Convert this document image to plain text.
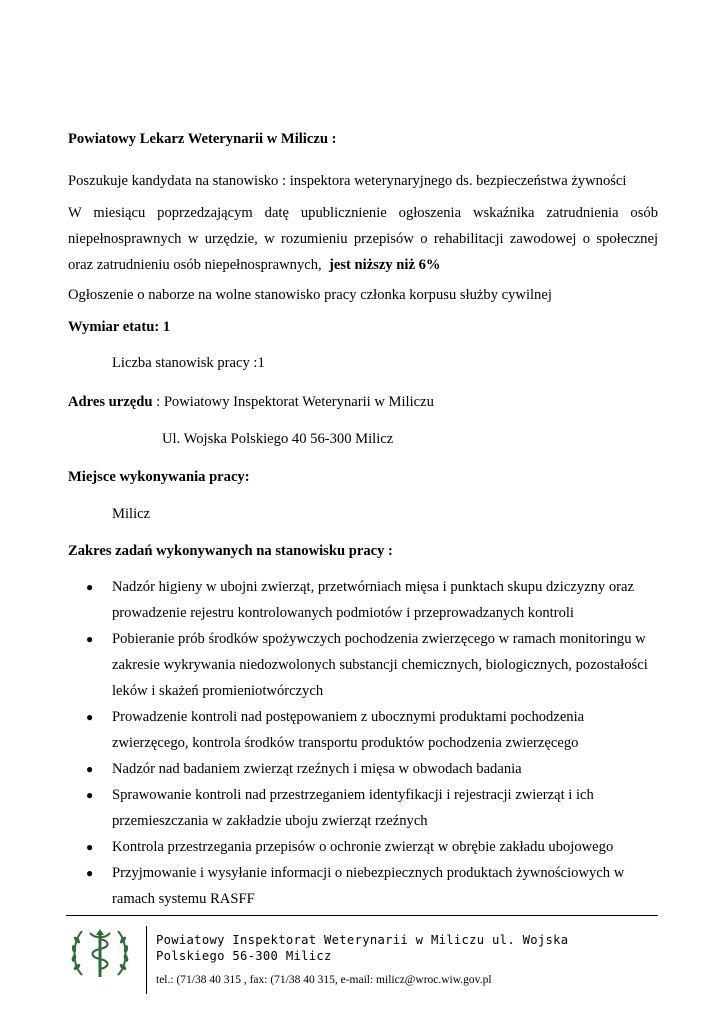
Powiatowy Lekarz Weterynarii w Miliczu :

Poszukuje kandydata na stanowisko : inspektora weterynaryjnego ds. bezpieczeństwa żywności

W miesiącu poprzedzającym datę upublicznienie ogłoszenia wskaźnika zatrudnienia osób
niepełnosprawnych w urzędzie, w rozumieniu przepisów o rehabilitacji zawodowej o społecznej
oraz zatrudnieniu osób niepełnosprawnych, jest niższy niż 6%

Ogłoszenie o naborze na wolne stanowisko pracy członka korpusu służby cywilnej

Wymiar etatu: 1

Liczba stanowisk pracy :1

Adres urzędu : Powiatowy Inspektorat Weterynarii w Miliczu

Ul. Wojska Polskiego 40 56-300 Milicz

Miejsce wykonywania pracy:

Milicz

Zakres zadań wykonywanych na stanowisku pracy :

● Nadzór higieny w ubojni zwierząt, przetwórniach mięsa i punktach skupu dziczyzny oraz
prowadzenie rejestru kontrolowanych podmiotów i przeprowadzanych kontroli
● Pobieranie prób środków spożywczych pochodzenia zwierzęcego w ramach monitoringu w
zakresie wykrywania niedozwolonych substancji chemicznych, biologicznych, pozostałości
leków i skażeń promieniotwórczych
● Prowadzenie kontroli nad postępowaniem z ubocznymi produktami pochodzenia
zwierzęcego, kontrola środków transportu produktów pochodzenia zwierzęcego
● Nadzór nad badaniem zwierząt rzeźnych i mięsa w obwodach badania
● Sprawowanie kontroli nad przestrzeganiem identyfikacji i rejestracji zwierząt i ich
przemieszczania w zakładzie uboju zwierząt rzeźnych
● Kontrola przestrzegania przepisów o ochronie zwierząt w obrębie zakładu ubojowego
● Przyjmowanie i wysyłanie informacji o niebezpiecznych produktach żywnościowych w
ramach systemu RASFF
Powiatowy Inspektorat Weterynarii w Miliczu ul. Wojska
Polskiego 56-300 Milicz
tel.: (71/38 40 315 , fax: (71/38 40 315, e-mail: milicz@wroc.wiw.gov.pl
